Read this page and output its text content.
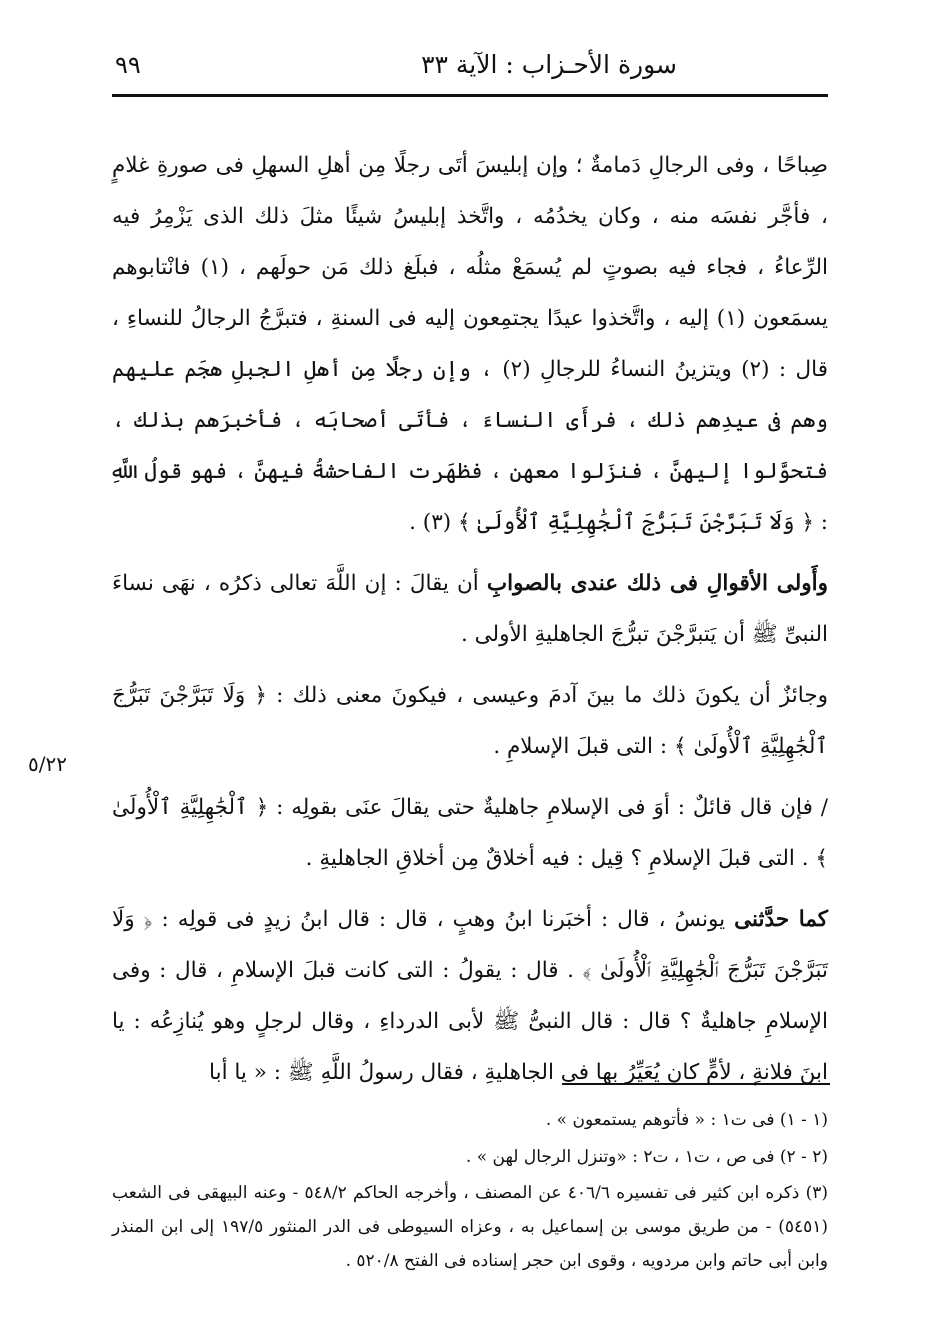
سورة الأحـزاب : الآية ٣٣
٩٩

صِباحًا ، وفى الرجالِ دَمامةٌ ؛ وإن إبليسَ أتَى رجلًا مِن أهلِ السهلِ فى صورةِ غلامٍ ، فأجَّر نفسَه منه ، وكان يخدُمُه ، واتَّخذ إبليسُ شيئًا مثلَ ذلك الذى يَزْمِرُ فيه الرِّعاءُ ، فجاء فيه بصوتٍ لم يُسمَعْ مثلُه ، فبلَغ ذلك مَن حولَهم ، (١) فانْتابوهم يسمَعون (١) إليه ، واتَّخذوا عيدًا يجتمِعون إليه فى السنةِ ، فتبرَّجُ الرجالُ للنساءِ ، قال : (٢) ويتزينُ النساءُ للرجالِ (٢) ، وإن رجلًا مِن أهلِ الجبلِ هجَم عليهم وهم فى عيدِهم ذلك ، فرأَى النساءَ ، فأتَى أصحابَه ، فأخبرَهم بذلك ، فتحوَّلوا إليهنَّ ، فنزَلوا معهن ، فظهَرت الفاحشةُ فيهنَّ ، فهو قولُ اللَّهِ : ﴿ وَلَا تَبَرَّجْنَ تَبَرُّجَ ٱلْجَٰهِلِيَّةِ ٱلْأُولَىٰ ﴾ (٣) .

وأَولى الأقوالِ فى ذلك عندى بالصوابِ أن يقالَ : إن اللَّهَ تعالى ذكرُه ، نهَى نساءَ النبىِّ ﷺ أن يَتبرَّجْنَ تبرُّجَ الجاهليةِ الأولى .

وجائزٌ أن يكونَ ذلك ما بينَ آدمَ وعيسى ، فيكونَ معنى ذلك : ﴿ وَلَا تَبَرَّجْنَ تَبَرُّجَ ٱلْجَٰهِلِيَّةِ ٱلْأُولَىٰ ﴾ : التى قبلَ الإسلامِ .

/ فإن قال قائلٌ : أوَ فى الإسلامِ جاهليةٌ حتى يقالَ عنَى بقولِه : ﴿ ٱلْجَٰهِلِيَّةِ ٱلْأُولَىٰ ﴾ . التى قبلَ الإسلامِ ؟ قِيل : فيه أخلاقٌ مِن أخلاقِ الجاهليةِ .

كما حدَّثنى يونسُ ، قال : أخبَرنا ابنُ وهبٍ ، قال : قال ابنُ زيدٍ فى قولِه : ﴿ وَلَا تَبَرَّجْنَ تَبَرُّجَ ٱلْجَٰهِلِيَّةِ ٱلْأُولَىٰ ﴾ . قال : يقولُ : التى كانت قبلَ الإسلامِ ، قال : وفى الإسلامِ جاهليةٌ ؟ قال : قال النبىُّ ﷺ لأبى الدرداءِ ، وقال لرجلٍ وهو يُنازِعُه : يا ابنَ فلانةٍ ، لأمٍّ كان يُعَيِّرُ بها فى الجاهليةِ ، فقال رسولُ اللَّهِ ﷺ : « يا أبا

٥/٢٢

(١ - ١) فى ت١ : « فأتوهم يستمعون » .

(٢ - ٢) فى ص ، ت١ ، ت٢ : «وتنزل الرجال لهن » .

(٣) ذكره ابن كثير فى تفسيره ٤٠٦/٦ عن المصنف ، وأخرجه الحاكم ٥٤٨/٢ - وعنه البيهقى فى الشعب (٥٤٥١) - من طريق موسى بن إسماعيل به ، وعزاه السيوطى فى الدر المنثور ١٩٧/٥ إلى ابن المنذر وابن أبى حاتم وابن مردويه ، وقوى ابن حجر إسناده فى الفتح ٥٢٠/٨ .
